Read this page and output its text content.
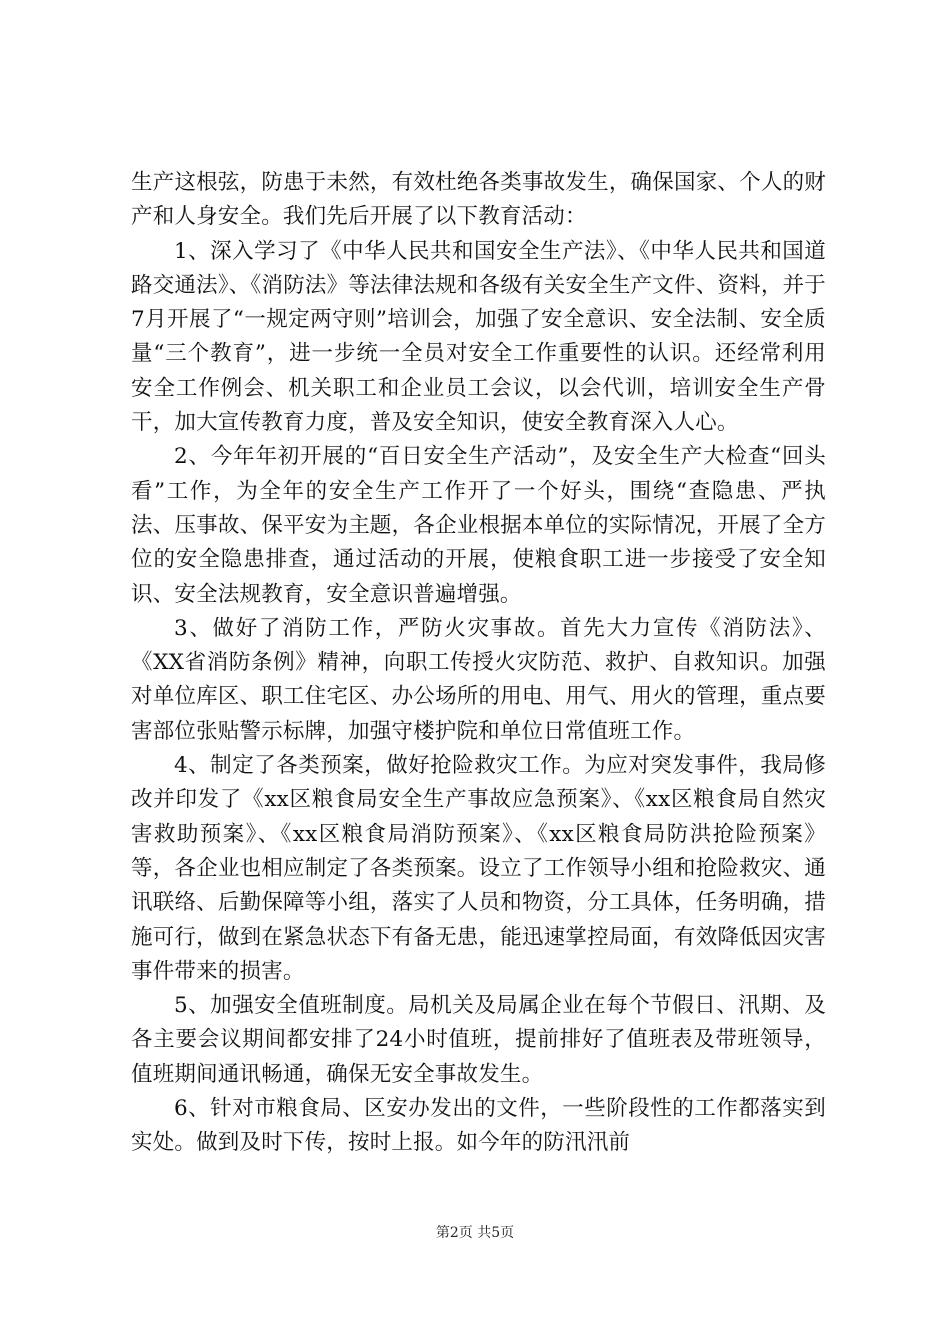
生产这根弦，防患于未然，有效杜绝各类事故发生，确保国家、个人的财产和人身安全。我们先后开展了以下教育活动：

1、深入学习了《中华人民共和国安全生产法》、《中华人民共和国道路交通法》、《消防法》等法律法规和各级有关安全生产文件、资料，并于7月开展了“一规定两守则”培训会，加强了安全意识、安全法制、安全质量“三个教育”，进一步统一全员对安全工作重要性的认识。还经常利用安全工作例会、机关职工和企业员工会议，以会代训，培训安全生产骨干，加大宣传教育力度，普及安全知识，使安全教育深入人心。

2、今年年初开展的“百日安全生产活动”，及安全生产大检查“回头看”工作，为全年的安全生产工作开了一个好头，围绕“查隐患、严执法、压事故、保平安为主题，各企业根据本单位的实际情况，开展了全方位的安全隐患排查，通过活动的开展，使粮食职工进一步接受了安全知识、安全法规教育，安全意识普遍增强。

3、做好了消防工作，严防火灾事故。首先大力宣传《消防法》、《XX省消防条例》精神，向职工传授火灾防范、救护、自救知识。加强对单位库区、职工住宅区、办公场所的用电、用气、用火的管理，重点要害部位张贴警示标牌，加强守楼护院和单位日常值班工作。

4、制定了各类预案，做好抢险救灾工作。为应对突发事件，我局修改并印发了《xx区粮食局安全生产事故应急预案》、《xx区粮食局自然灾害救助预案》、《xx区粮食局消防预案》、《xx区粮食局防洪抢险预案》等，各企业也相应制定了各类预案。设立了工作领导小组和抢险救灾、通讯联络、后勤保障等小组，落实了人员和物资，分工具体，任务明确，措施可行，做到在紧急状态下有备无患，能迅速掌控局面，有效降低因灾害事件带来的损害。

5、加强安全值班制度。局机关及局属企业在每个节假日、汛期、及各主要会议期间都安排了24小时值班，提前排好了值班表及带班领导，值班期间通讯畅通，确保无安全事故发生。

6、针对市粮食局、区安办发出的文件，一些阶段性的工作都落实到实处。做到及时下传，按时上报。如今年的防汛汛前

第2页 共5页
